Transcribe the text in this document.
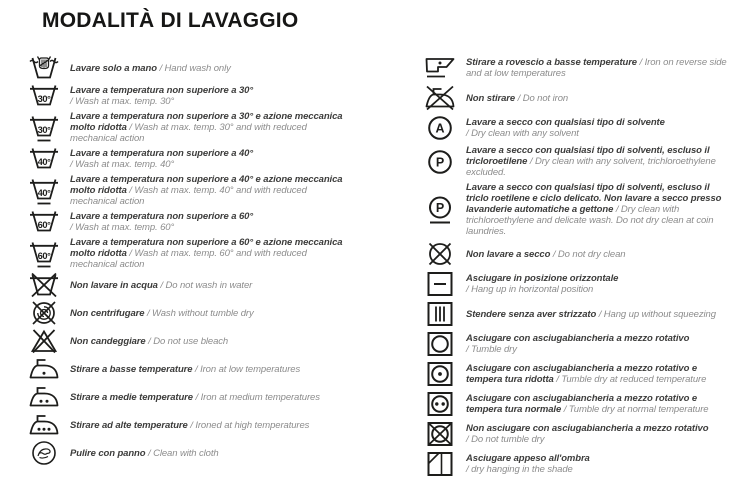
MODALITÀ DI LAVAGGIO

Lavare solo a mano / Hand wash only

30°

Lavare a temperatura non superiore a 30°
/ Wash at max. temp. 30°

30°

Lavare a temperatura non superiore a 30° e azione meccanica molto ridotta / Wash at max. temp. 30° and with reduced mechanical action

40°

Lavare a temperatura non superiore a 40°
/ Wash at max. temp. 40°

40°

Lavare a temperatura non superiore a 40° e azione meccanica molto ridotta / Wash at max. temp. 40° and with reduced mechanical action

60°

Lavare a temperatura non superiore a 60°
/ Wash at max. temp. 60°

60°

Lavare a temperatura non superiore a 60° e azione meccanica molto ridotta / Wash at max. temp. 60° and with reduced mechanical action

Non lavare in acqua / Do not wash in water

Non centrifugare / Wash without tumble dry

Non candeggiare / Do not use bleach

Stirare a basse temperature / Iron at low temperatures

Stirare a medie temperature / Iron at medium temperatures

Stirare ad alte temperature / Ironed at high temperatures

Pulire con panno / Clean with cloth

Stirare a rovescio a basse temperature / Iron on reverse side and at low temperatures

Non stirare / Do not iron

A Lavare a secco con qualsiasi tipo di solvente
/ Dry clean with any solvent

P

Lavare a secco con qualsiasi tipo di solventi, escluso il tricloroetilene / Dry clean with any solvent, trichloroethylene excluded.

P

Lavare a secco con qualsiasi tipo di solventi, escluso il triclo roetilene e ciclo delicato. Non lavare a secco presso lavanderie automatiche a gettone / Dry clean with trichloroethylene and delicate wash. Do not dry clean at coin laundries.

Non lavare a secco / Do not dry clean

Asciugare in posizione orizzontale
/ Hang up in horizontal position

Stendere senza aver strizzato / Hang up without squeezing

Asciugare con asciugabiancheria a mezzo rotativo
/ Tumble dry

Asciugare con asciugabiancheria a mezzo rotativo e tempera tura ridotta / Tumble dry at reduced temperature

Asciugare con asciugabiancheria a mezzo rotativo e tempera tura normale / Tumble dry at normal temperature

Non asciugare con asciugabiancheria a mezzo rotativo
/ Do not tumble dry

Asciugare appeso all'ombra
/ dry hanging in the shade
